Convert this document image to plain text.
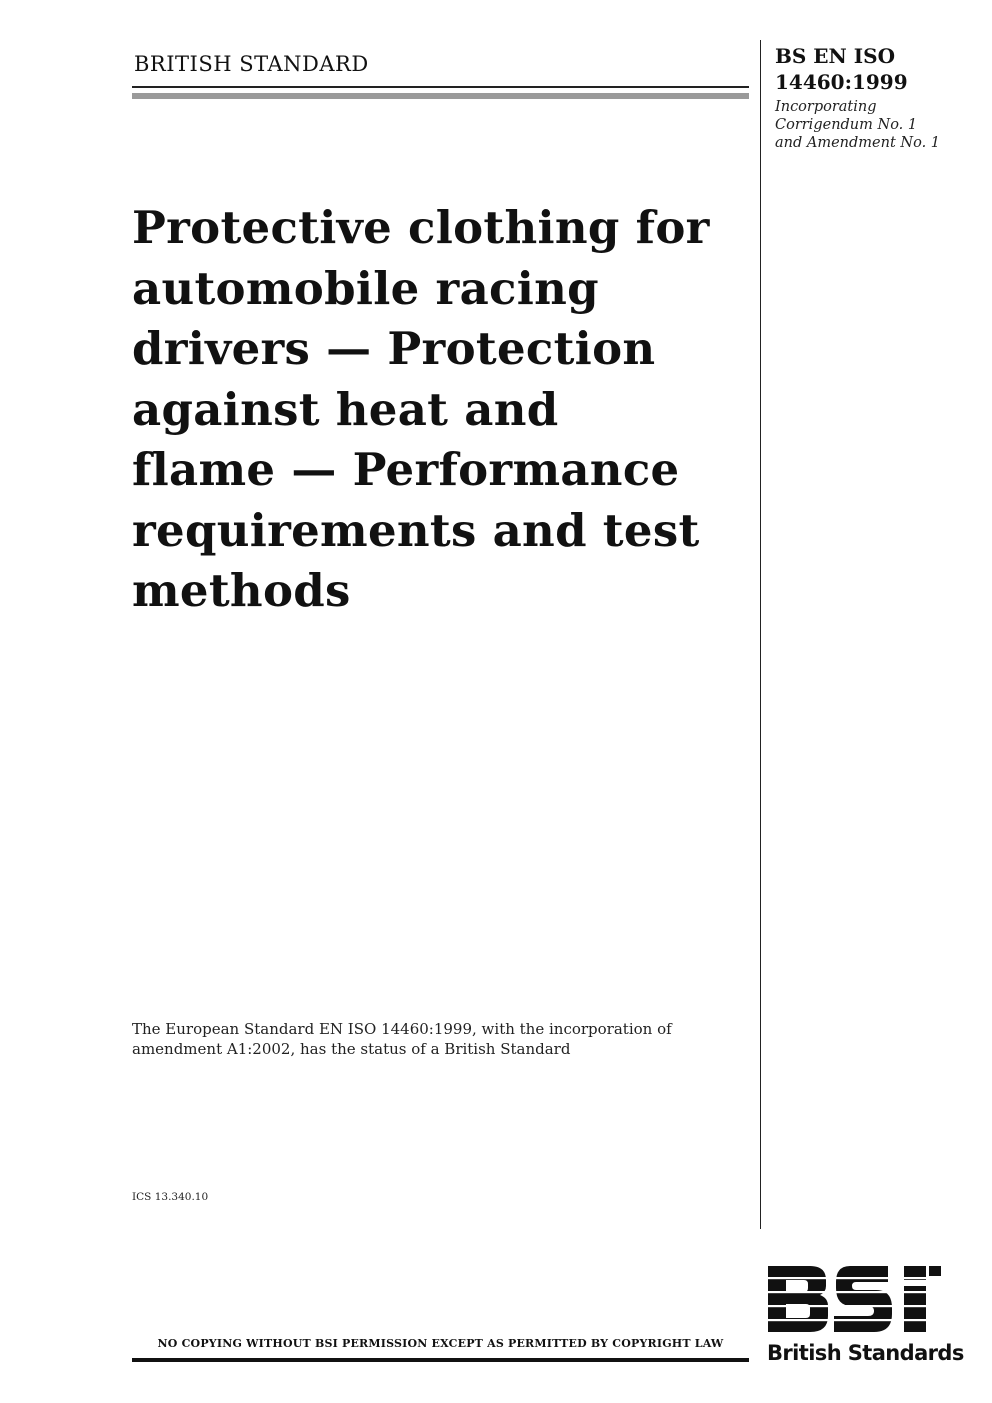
BRITISH STANDARD	BS EN ISO
14460:1999
Incorporating
Corrigendum No. 1
and Amendment No. 1
Protective clothing for
automobile racing
drivers — Protection
against heat and
flame — Performance
requirements and test
methods
The European Standard EN ISO 14460:1999, with the incorporation of
amendment A1:2002, has the status of a British Standard
ICS 13.340.10
NO COPYING WITHOUT BSI PERMISSION EXCEPT AS PERMITTED BY COPYRIGHT LAW	British Standards
